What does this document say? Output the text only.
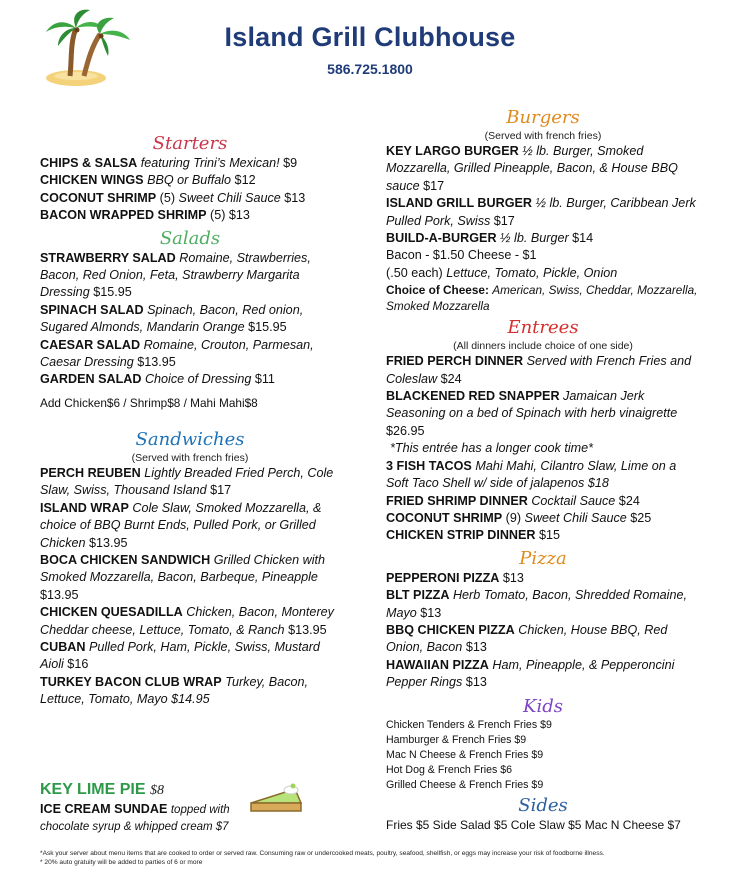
Island Grill Clubhouse
586.725.1800
Starters
CHIPS & SALSA featuring Trini’s Mexican! $9
CHICKEN WINGS BBQ or Buffalo $12
COCONUT SHRIMP (5) Sweet Chili Sauce $13
BACON WRAPPED SHRIMP (5) $13
Salads
STRAWBERRY SALAD Romaine, Strawberries, Bacon, Red Onion, Feta, Strawberry Margarita Dressing $15.95
SPINACH SALAD Spinach, Bacon, Red onion, Sugared Almonds, Mandarin Orange $15.95
CAESAR SALAD Romaine, Crouton, Parmesan, Caesar Dressing $13.95
GARDEN SALAD Choice of Dressing $11
Add Chicken$6 / Shrimp$8 / Mahi Mahi$8
Sandwiches
(Served with french fries)
PERCH REUBEN Lightly Breaded Fried Perch, Cole Slaw, Swiss, Thousand Island $17
ISLAND WRAP Cole Slaw, Smoked Mozzarella, & choice of BBQ Burnt Ends, Pulled Pork, or Grilled Chicken $13.95
BOCA CHICKEN SANDWICH Grilled Chicken with Smoked Mozzarella, Bacon, Barbeque, Pineapple $13.95
CHICKEN QUESADILLA Chicken, Bacon, Monterey Cheddar cheese, Lettuce, Tomato, & Ranch $13.95
CUBAN Pulled Pork, Ham, Pickle, Swiss, Mustard Aioli $16
TURKEY BACON CLUB WRAP Turkey, Bacon, Lettuce, Tomato, Mayo $14.95
KEY LIME PIE $8
ICE CREAM SUNDAE topped with chocolate syrup & whipped cream $7
Burgers
(Served with french fries)
KEY LARGO BURGER ½ lb. Burger, Smoked Mozzarella, Grilled Pineapple, Bacon, & House BBQ sauce $17
ISLAND GRILL BURGER ½ lb. Burger, Caribbean Jerk Pulled Pork, Swiss $17
BUILD-A-BURGER ½ lb. Burger $14
Bacon - $1.50 Cheese - $1
(.50 each) Lettuce, Tomato, Pickle, Onion
Choice of Cheese: American, Swiss, Cheddar, Mozzarella, Smoked Mozzarella
Entrees
(All dinners include choice of one side)
FRIED PERCH DINNER Served with French Fries and Coleslaw $24
BLACKENED RED SNAPPER Jamaican Jerk Seasoning on a bed of Spinach with herb vinaigrette $26.95
*This entrée has a longer cook time*
3 FISH TACOS Mahi Mahi, Cilantro Slaw, Lime on a Soft Taco Shell w/ side of jalapenos $18
FRIED SHRIMP DINNER Cocktail Sauce $24
COCONUT SHRIMP (9) Sweet Chili Sauce $25
CHICKEN STRIP DINNER $15
Pizza
PEPPERONI PIZZA $13
BLT PIZZA Herb Tomato, Bacon, Shredded Romaine, Mayo $13
BBQ CHICKEN PIZZA Chicken, House BBQ, Red Onion, Bacon $13
HAWAIIAN PIZZA Ham, Pineapple, & Pepperoncini Pepper Rings $13
Kids
Chicken Tenders & French Fries $9
Hamburger & French Fries $9
Mac N Cheese & French Fries $9
Hot Dog & French Fries $6
Grilled Cheese & French Fries $9
Sides
Fries $5 Side Salad $5 Cole Slaw $5 Mac N Cheese $7
*Ask your server about menu items that are cooked to order or served raw. Consuming raw or undercooked meats, poultry, seafood, shellfish, or eggs may increase your risk of foodborne illness.
* 20% auto gratuity will be added to parties of 6 or more
